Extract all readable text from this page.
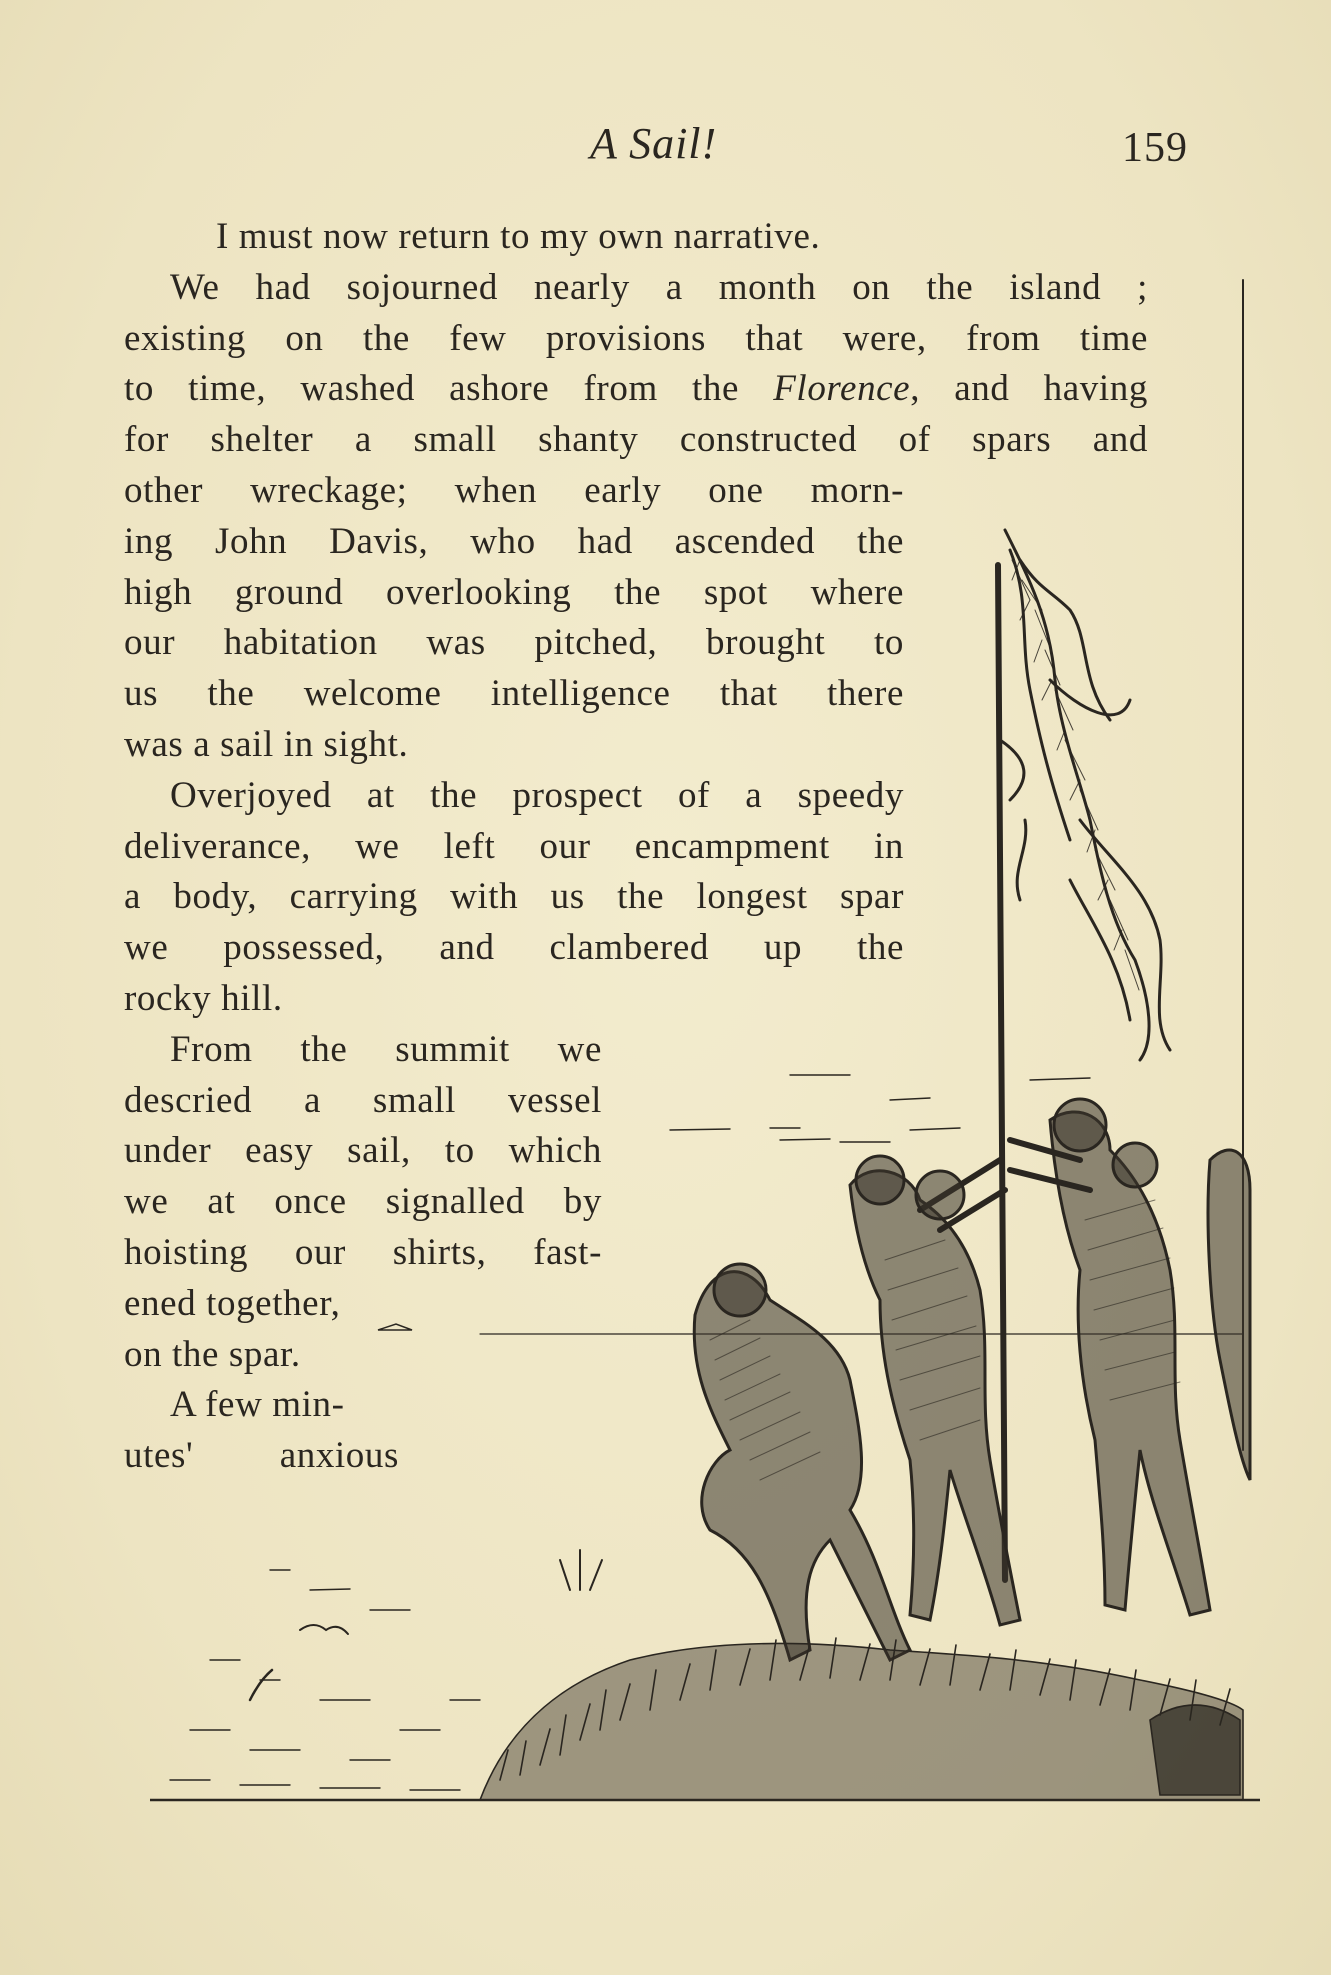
A Sail!	159

I must now return to my own narrative.

We had sojourned nearly a month on the island ;
existing on the few provisions that were, from time
to time, washed ashore from the Florence, and having
for shelter a small shanty constructed of spars and
other wreckage; when early one morn-
ing John Davis, who had ascended the
high ground overlooking the spot where
our habitation was pitched, brought to
us the welcome intelligence that there
was a sail in sight.

Overjoyed at the prospect of a speedy
deliverance, we left our encampment in
a body, carrying with us the longest spar
we possessed, and clambered up the
rocky hill.

From the summit we
descried a small vessel
under easy sail, to which
we at once signalled by
hoisting our shirts, fast-
ened together,
on the spar.
A few min-
utes' anxious
